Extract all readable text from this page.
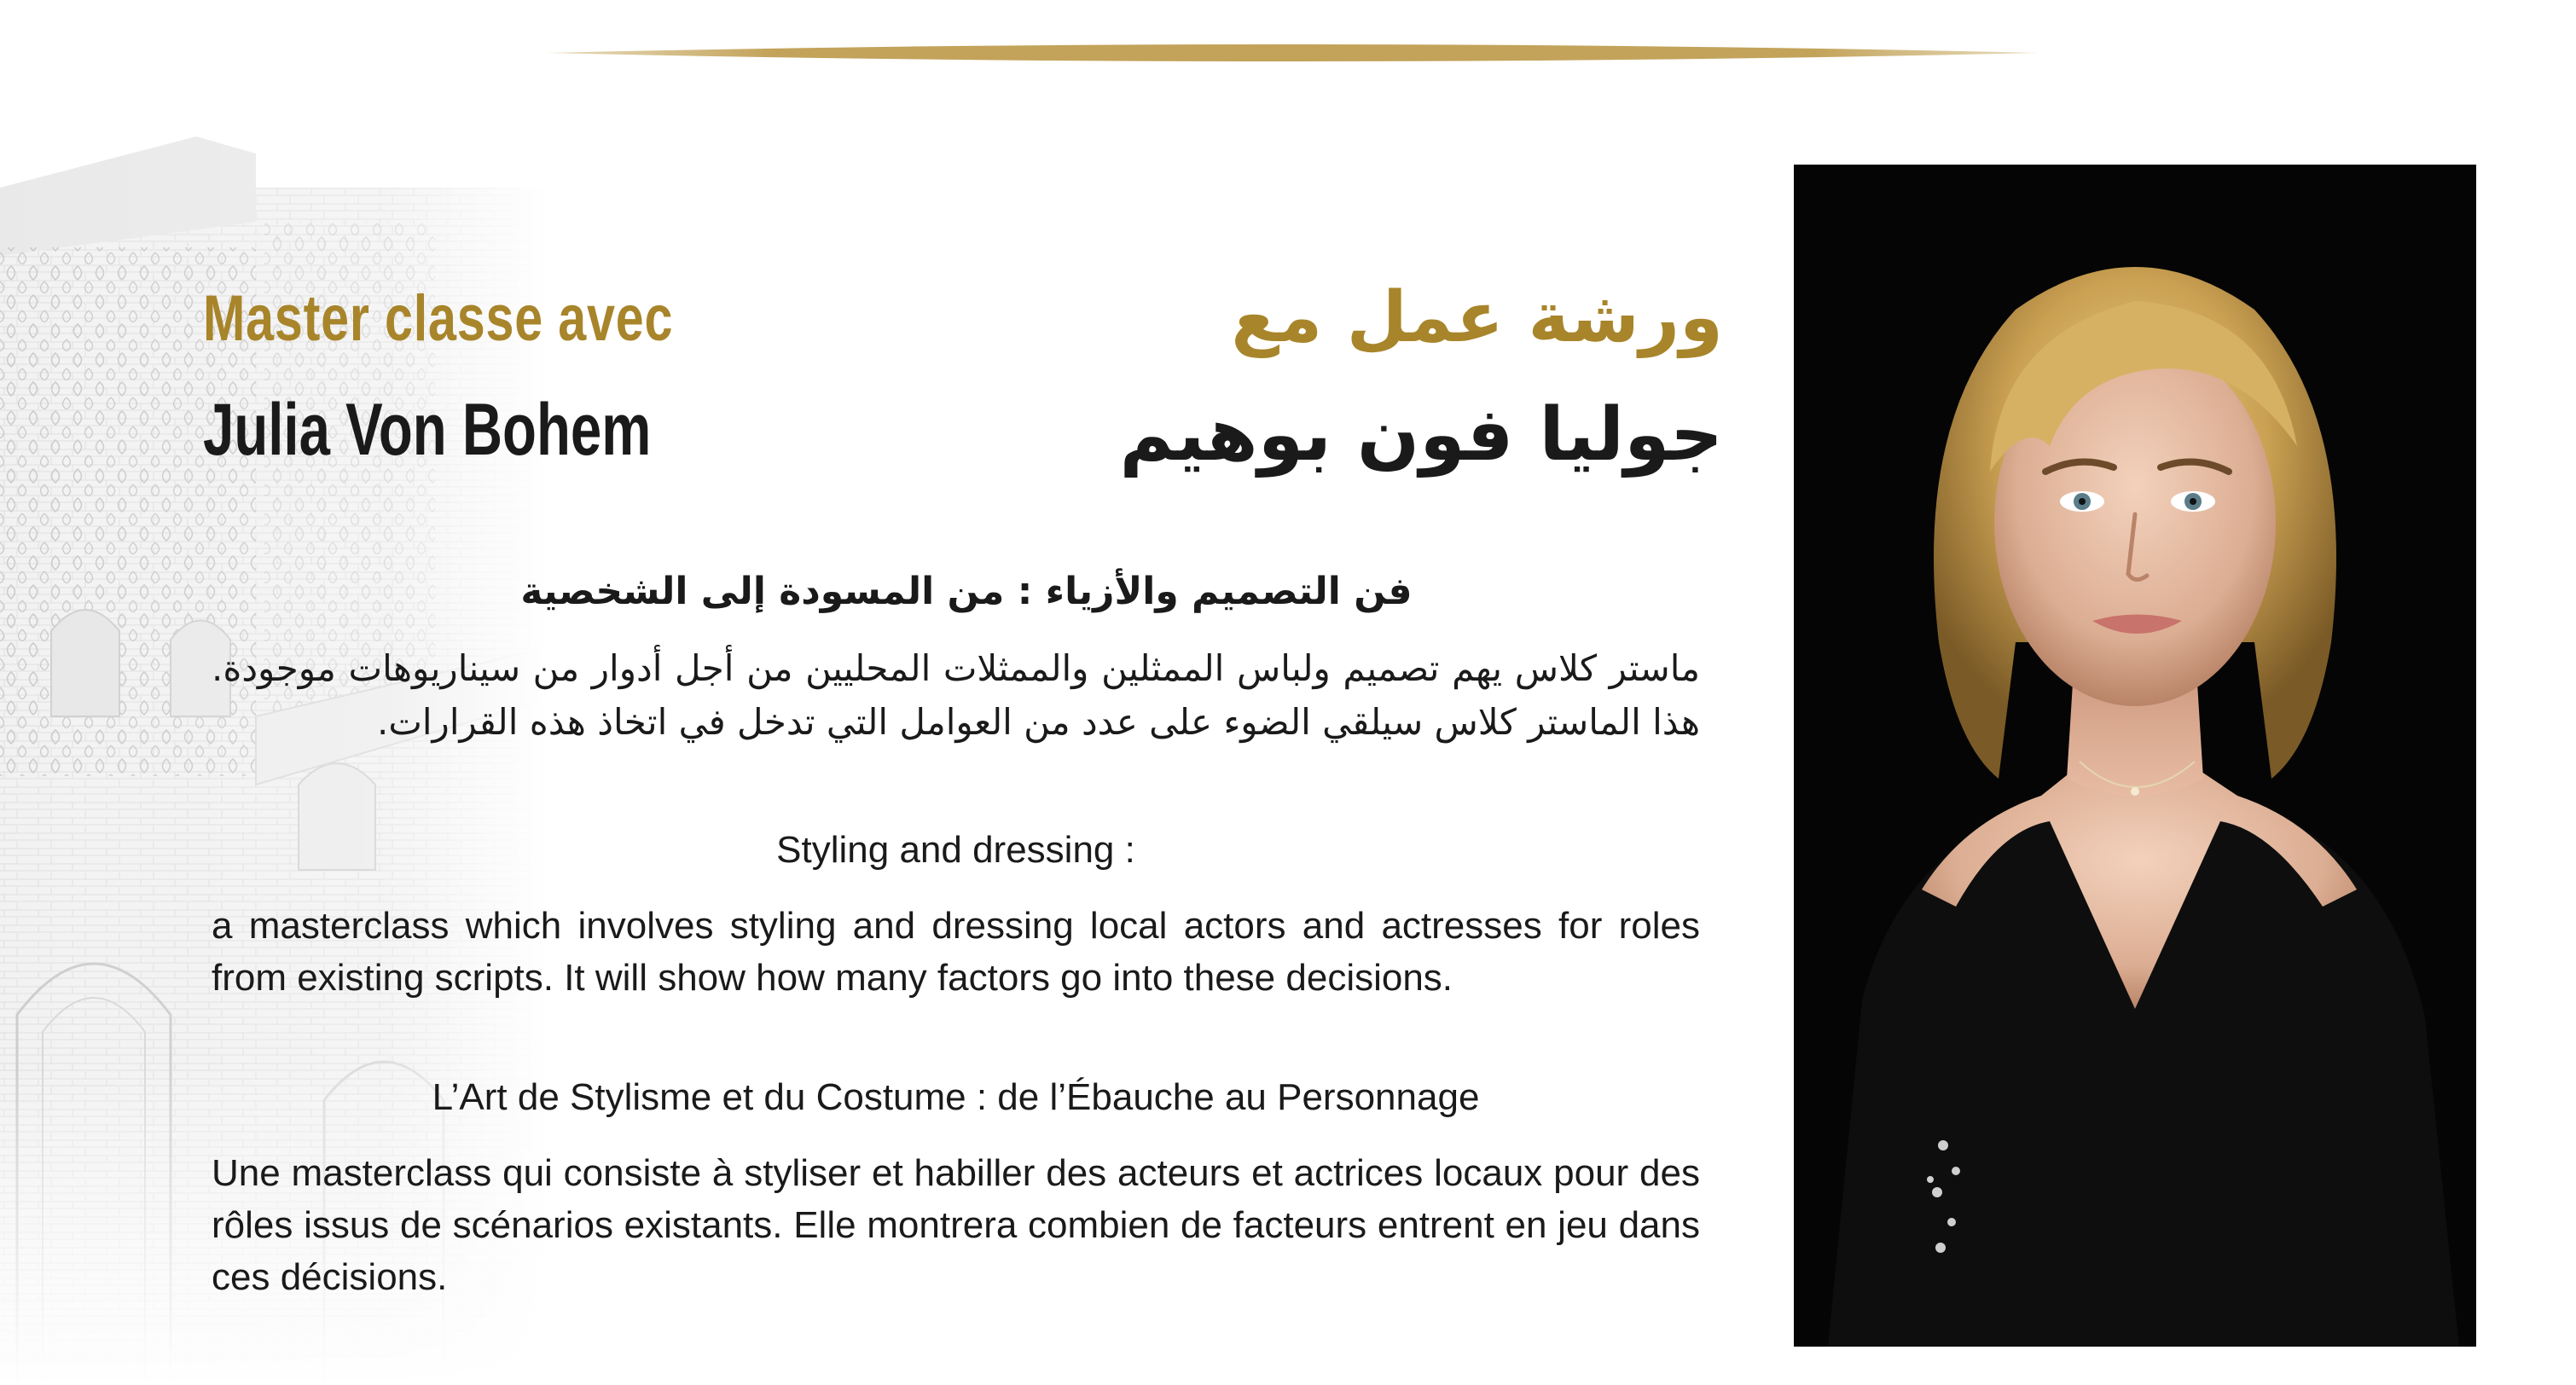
Master classe avec
Julia Von Bohem
ورشة عمل مع
جوليا فون بوهيم
فن التصميم والأزياء : من المسودة إلى الشخصية
ماستر كلاس يهم تصميم ولباس الممثلين والممثلات المحليين من أجل أدوار من سيناريوهات موجودة. هذا الماستر كلاس سيلقي الضوء على عدد من العوامل التي تدخل في اتخاذ هذه القرارات.
Styling and dressing :
a masterclass which involves styling and dressing local actors and actresses for roles from existing scripts. It will show how many factors go into these decisions.
L’Art de Stylisme et du Costume : de l’Ébauche au Personnage
Une masterclass qui consiste à styliser et habiller des acteurs et actrices locaux pour des rôles issus de scénarios existants. Elle montrera combien de facteurs entrent en jeu dans ces décisions.
